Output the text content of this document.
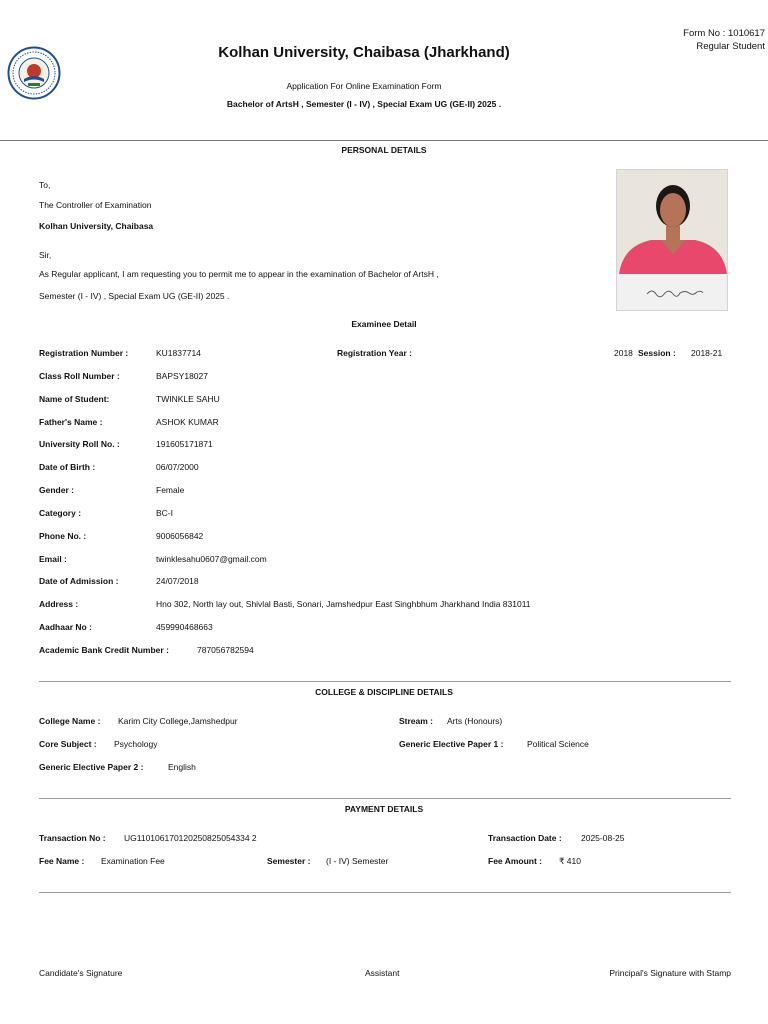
Kolhan University, Chaibasa (Jharkhand)
Form No : 1010617
Regular Student
Application For Online Examination Form
Bachelor of ArtsH , Semester (I - IV) , Special Exam UG (GE-II) 2025 .
PERSONAL DETAILS
To,
The Controller of Examination
Kolhan University, Chaibasa
Sir,
As Regular applicant, I am requesting you to permit me to appear in the examination of Bachelor of ArtsH ,
Semester (I - IV) , Special Exam UG (GE-II) 2025 .
Examinee Detail
Registration Number :	KU1837714	Registration Year :	2018 Session : 2018-21
Class Roll Number :	BAPSY18027
Name of Student:	TWINKLE SAHU
Father's Name :	ASHOK KUMAR
University Roll No. :	191605171871
Date of Birth :	06/07/2000
Gender :	Female
Category :	BC-I
Phone No. :	9006056842
Email :	twinklesahu0607@gmail.com
Date of Admission :	24/07/2018
Address :	Hno 302, North lay out, Shivlal Basti, Sonari, Jamshedpur East Singhbhum Jharkhand India 831011
Aadhaar No :	459990468663
Academic Bank Credit Number :	787056782594
COLLEGE & DISCIPLINE DETAILS
College Name : Karim City College,Jamshedpur	Stream : Arts (Honours)
Core Subject : Psychology	Generic Elective Paper 1 :	Political Science
Generic Elective Paper 2 :	English
PAYMENT DETAILS
Transaction No : UG110106170120250825054334 2	Transaction Date : 2025-08-25
Fee Name : Examination Fee	Semester : (I - IV) Semester	Fee Amount : ₹ 410
Candidate's Signature	Assistant	Principal's Signature with Stamp
